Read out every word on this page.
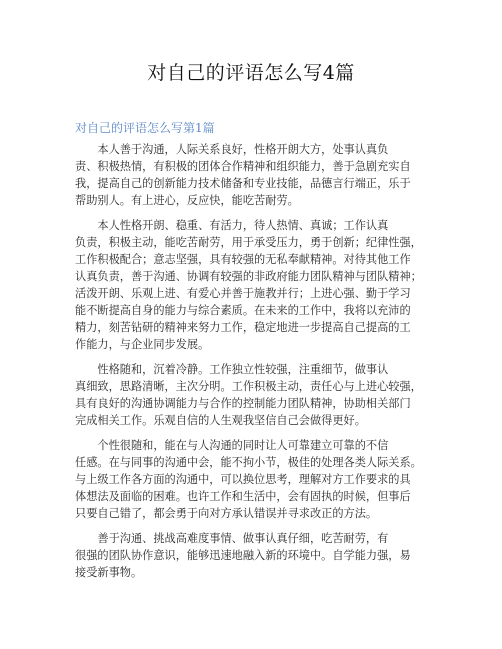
对自己的评语怎么写4篇
对自己的评语怎么写第1篇
　　本人善于沟通，人际关系良好，性格开朗大方，处事认真负
责、积极热情，有积极的团体合作精神和组织能力，善于急剧充实自
我，提高自己的创新能力技术储备和专业技能，品德言行端正，乐于
帮助别人。有上进心，反应快，能吃苦耐劳。
　　本人性格开朗、稳重、有活力，待人热情、真诚；工作认真
负责，积极主动，能吃苦耐劳，用于承受压力，勇于创新；纪律性强，
工作积极配合；意志坚强，具有较强的无私奉献精神。对待其他工作
认真负责，善于沟通、协调有较强的非政府能力团队精神与团队精神；
活泼开朗、乐观上进、有爱心并善于施教并行；上进心强、勤于学习
能不断提高自身的能力与综合素质。在未来的工作中，我将以充沛的
精力，刻苦钻研的精神来努力工作，稳定地进一步提高自己提高的工
作能力，与企业同步发展。
　　性格随和，沉着冷静。工作独立性较强，注重细节，做事认
真细致，思路清晰，主次分明。工作积极主动，责任心与上进心较强，
具有良好的沟通协调能力与合作的控制能力团队精神，协助相关部门
完成相关工作。乐观自信的人生观我坚信自己会做得更好。
　　个性很随和，能在与人沟通的同时让人可靠建立可靠的不信
任感。在与同事的沟通中会，能不拘小节，极佳的处理各类人际关系。
与上级工作各方面的沟通中，可以换位思考，理解对方工作要求的具
体想法及面临的困难。也许工作和生活中，会有固执的时候，但事后
只要自己错了，都会勇于向对方承认错误并寻求改正的方法。
　　善于沟通、挑战高难度事情、做事认真仔细，吃苦耐劳，有
很强的团队协作意识，能够迅速地融入新的环境中。自学能力强，易
接受新事物。
